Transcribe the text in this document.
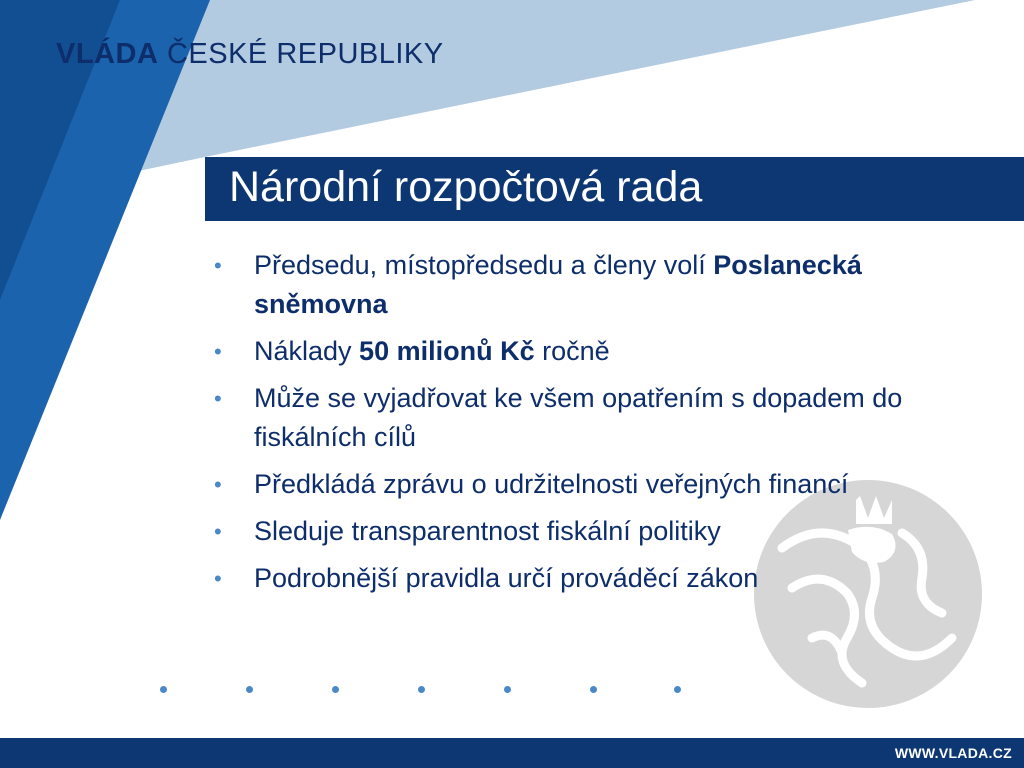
VLÁDA ČESKÉ REPUBLIKY
Národní rozpočtová rada
• Předsedu, místopředsedu a členy volí Poslanecká sněmovna
• Náklady 50 milionů Kč ročně
• Může se vyjadřovat ke všem opatřením s dopadem do fiskálních cílů
• Předkládá zprávu o udržitelnosti veřejných financí
• Sleduje transparentnost fiskální politiky
• Podrobnější pravidla určí prováděcí zákon
WWW.VLADA.CZ
